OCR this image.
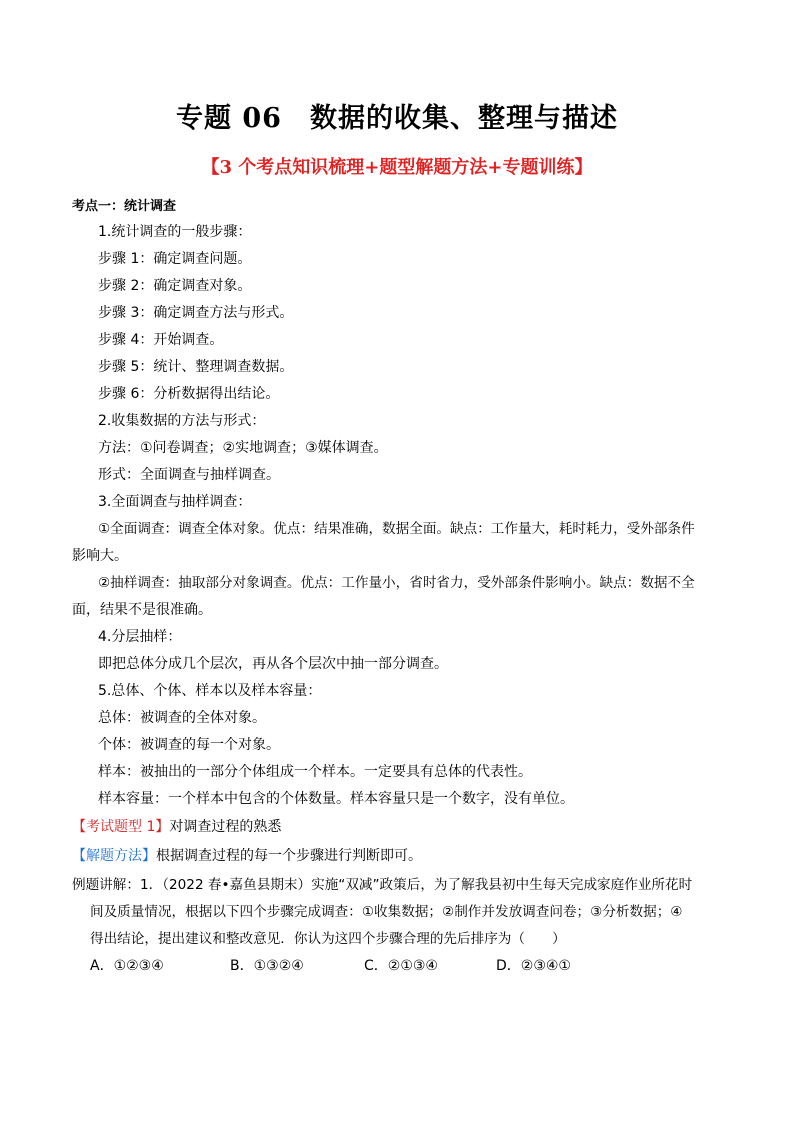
专题 06　数据的收集、整理与描述
【3 个考点知识梳理+题型解题方法+专题训练】
考点一：统计调查
1.统计调查的一般步骤：
步骤 1：确定调查问题。
步骤 2：确定调查对象。
步骤 3：确定调查方法与形式。
步骤 4：开始调查。
步骤 5：统计、整理调查数据。
步骤 6：分析数据得出结论。
2.收集数据的方法与形式：
方法：①问卷调查；②实地调查；③媒体调查。
形式：全面调查与抽样调查。
3.全面调查与抽样调查：
①全面调查：调查全体对象。优点：结果准确，数据全面。缺点：工作量大，耗时耗力，受外部条件
影响大。
②抽样调查：抽取部分对象调查。优点：工作量小，省时省力，受外部条件影响小。缺点：数据不全
面，结果不是很准确。
4.分层抽样：
即把总体分成几个层次，再从各个层次中抽一部分调查。
5.总体、个体、样本以及样本容量：
总体：被调查的全体对象。
个体：被调查的每一个对象。
样本：被抽出的一部分个体组成一个样本。一定要具有总体的代表性。
样本容量：一个样本中包含的个体数量。样本容量只是一个数字，没有单位。
【考试题型 1】对调查过程的熟悉
【解题方法】根据调查过程的每一个步骤进行判断即可。
例题讲解：1．（2022 春•嘉鱼县期末）实施“双减”政策后，为了解我县初中生每天完成家庭作业所花时
间及质量情况，根据以下四个步骤完成调查：①收集数据；②制作并发放调查问卷；③分析数据；④
得出结论，提出建议和整改意见．你认为这四个步骤合理的先后排序为（　　）
A．①②③④	B．①③②④	C．②①③④	D．②③④①
